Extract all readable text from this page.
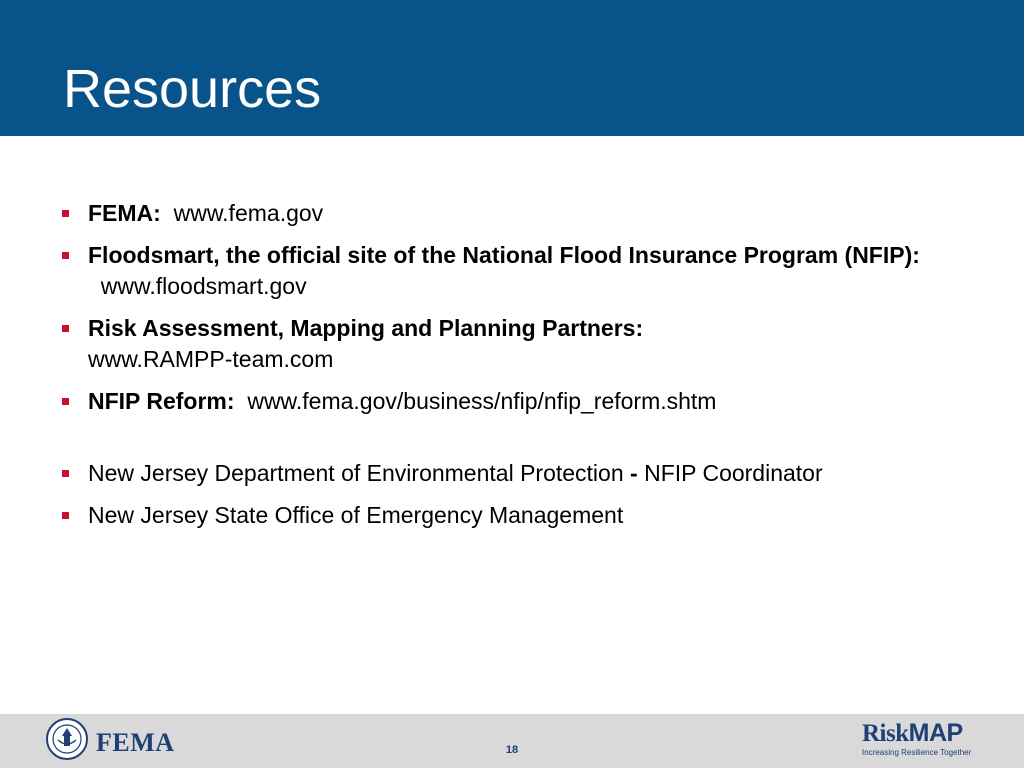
Resources
FEMA: www.fema.gov
Floodsmart, the official site of the National Flood Insurance Program (NFIP):  www.floodsmart.gov
Risk Assessment, Mapping and Planning Partners:
www.RAMPP-team.com
NFIP Reform: www.fema.gov/business/nfip/nfip_reform.shtm
New Jersey Department of Environmental Protection - NFIP Coordinator
New Jersey State Office of Emergency Management
FEMA	18
RiskMAP
Increasing Resilience Together
